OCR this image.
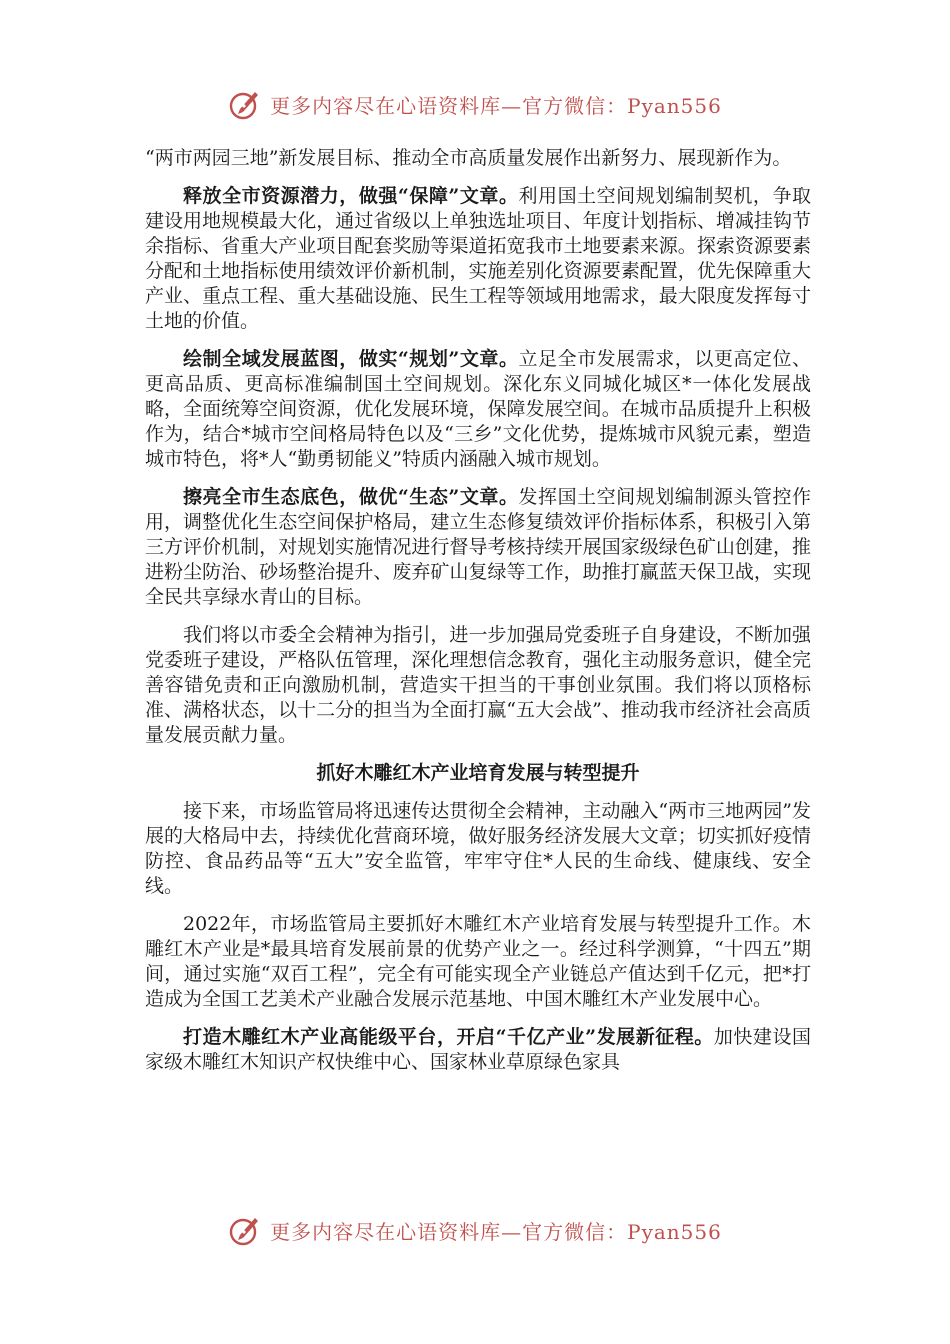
更多内容尽在心语资料库—官方微信：Pyan556

“两市两园三地”新发展目标、推动全市高质量发展作出新努力、展现新作为。

释放全市资源潜力，做强“保障”文章。利用国土空间规划编制契机，争取建设用地规模最大化，通过省级以上单独选址项目、年度计划指标、增减挂钩节余指标、省重大产业项目配套奖励等渠道拓宽我市土地要素来源。探索资源要素分配和土地指标使用绩效评价新机制，实施差别化资源要素配置，优先保障重大产业、重点工程、重大基础设施、民生工程等领域用地需求，最大限度发挥每寸土地的价值。

绘制全域发展蓝图，做实“规划”文章。立足全市发展需求，以更高定位、更高品质、更高标准编制国土空间规划。深化东义同城化城区*一体化发展战略，全面统筹空间资源，优化发展环境，保障发展空间。在城市品质提升上积极作为，结合*城市空间格局特色以及“三乡”文化优势，提炼城市风貌元素，塑造城市特色，将*人“勤勇韧能义”特质内涵融入城市规划。

擦亮全市生态底色，做优“生态”文章。发挥国土空间规划编制源头管控作用，调整优化生态空间保护格局，建立生态修复绩效评价指标体系，积极引入第三方评价机制，对规划实施情况进行督导考核持续开展国家级绿色矿山创建，推进粉尘防治、砂场整治提升、废弃矿山复绿等工作，助推打赢蓝天保卫战，实现全民共享绿水青山的目标。

我们将以市委全会精神为指引，进一步加强局党委班子自身建设，不断加强党委班子建设，严格队伍管理，深化理想信念教育，强化主动服务意识，健全完善容错免责和正向激励机制，营造实干担当的干事创业氛围。我们将以顶格标准、满格状态，以十二分的担当为全面打赢“五大会战”、推动我市经济社会高质量发展贡献力量。

抓好木雕红木产业培育发展与转型提升

接下来，市场监管局将迅速传达贯彻全会精神，主动融入“两市三地两园”发展的大格局中去，持续优化营商环境，做好服务经济发展大文章；切实抓好疫情防控、食品药品等“五大”安全监管，牢牢守住*人民的生命线、健康线、安全线。

2022年，市场监管局主要抓好木雕红木产业培育发展与转型提升工作。木雕红木产业是*最具培育发展前景的优势产业之一。经过科学测算，“十四五”期间，通过实施“双百工程”，完全有可能实现全产业链总产值达到千亿元，把*打造成为全国工艺美术产业融合发展示范基地、中国木雕红木产业发展中心。

打造木雕红木产业高能级平台，开启“千亿产业”发展新征程。加快建设国家级木雕红木知识产权快维中心、国家林业草原绿色家具

更多内容尽在心语资料库—官方微信：Pyan556
